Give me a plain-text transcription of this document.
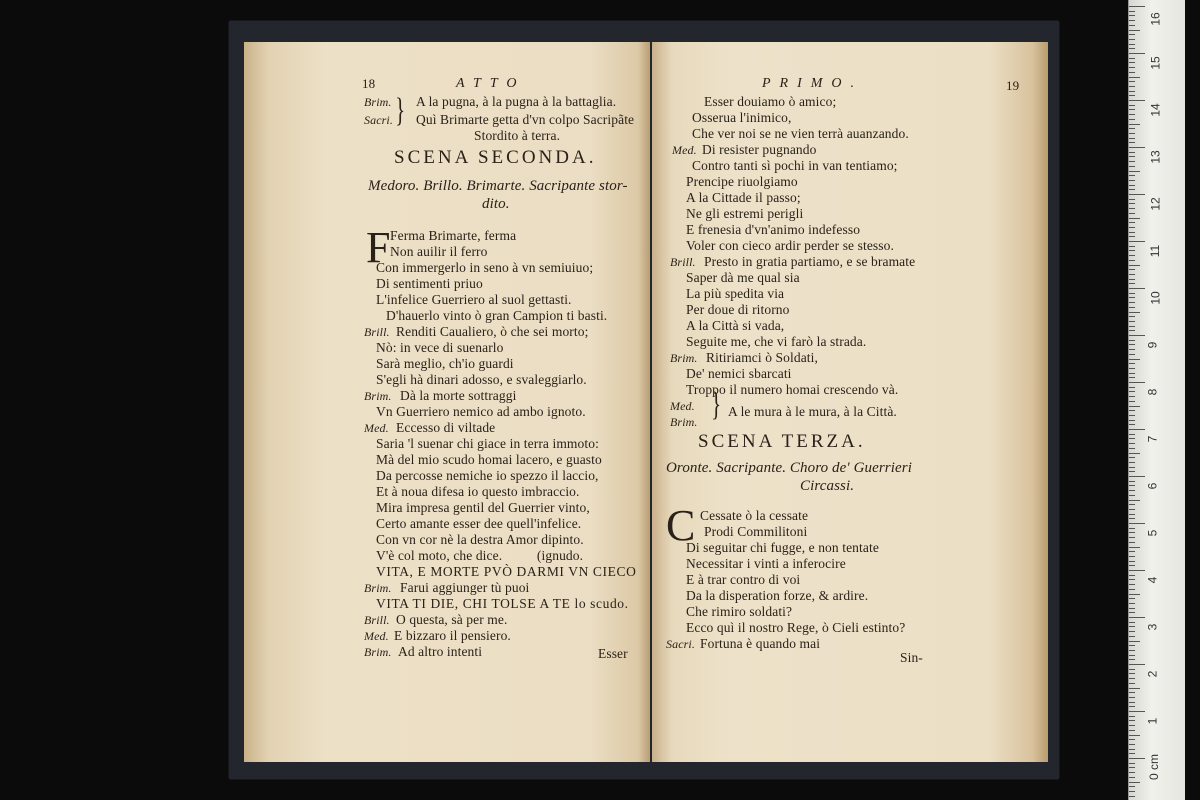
18	ATTO
Brim.
Sacri. } A la pugna, à la pugna à la battaglia.
Quì Brimarte getta d'vn colpo Sacripãte
Stordito à terra.
SCENA SECONDA.
Medoro. Brillo. Brimarte. Sacripante stor-
dito.
F Ferma Brimarte, ferma
Non auilir il ferro
Con immergerlo in seno à vn semiuiuo;
Di sentimenti priuo
L'infelice Guerriero al suol gettasti.
D'hauerlo vinto ò gran Campion ti basti.
Brill. Renditi Caualiero, ò che sei morto;
Nò: in vece di suenarlo
Sarà meglio, ch'io guardi
S'egli hà dinari adosso, e svaleggiarlo.
Brim. Dà la morte sottraggi
Vn Guerriero nemico ad ambo ignoto.
Med. Eccesso di viltade
Saria 'l suenar chi giace in terra immoto:
Mà del mio scudo homai lacero, e guasto
Da percosse nemiche io spezzo il laccio,
Et à noua difesa io questo imbraccio.
Mira impresa gentil del Guerrier vinto,
Certo amante esser dee quell'infelice.
Con vn cor nè la destra Amor dipinto.
V'è col moto, che dice.          (ignudo.
VITA, E MORTE PVÒ DARMI VN CIECO
Brim. Farui aggiunger tù puoi
VITA TI DIE, CHI TOLSE A TE lo scudo.
Brill. O questa, sà per me.
Med. E bizzaro il pensiero.
Brim. Ad altro intenti	Esser
PRIMO.	19
Esser douiamo ò amico;
Osserua l'inimico,
Che ver noi se ne vien terrà auanzando.
Med. Di resister pugnando
Contro tanti sì pochi in van tentiamo;
Prencipe riuolgiamo
A la Cittade il passo;
Ne gli estremi perigli
E frenesia d'vn'animo indefesso
Voler con cieco ardir perder se stesso.
Brill. Presto in gratia partiamo, e se bramate
Saper dà me qual sia
La più spedita via
Per doue di ritorno
A la Città si vada,
Seguite me, che vi farò la strada.
Brim. Ritiriamci ò Soldati,
De' nemici sbarcati
Troppo il numero homai crescendo và.
Med.
Brim. } A le mura à le mura, à la Città.
SCENA TERZA.
Oronte. Sacripante. Choro de' Guerrieri
Circassi.
C Cessate ò la cessate
Prodi Commilitoni
Di seguitar chi fugge, e non tentate
Necessitar i vinti a inferocire
E à trar contro di voi
Da la disperation forze, & ardire.
Che rimiro soldati?
Ecco quì il nostro Rege, ò Cieli estinto?
Sacri. Fortuna è quando mai
Sin-
16
15
14
13
12
11
10
9
8
7
6
5
4
3
2
1
0 cm
